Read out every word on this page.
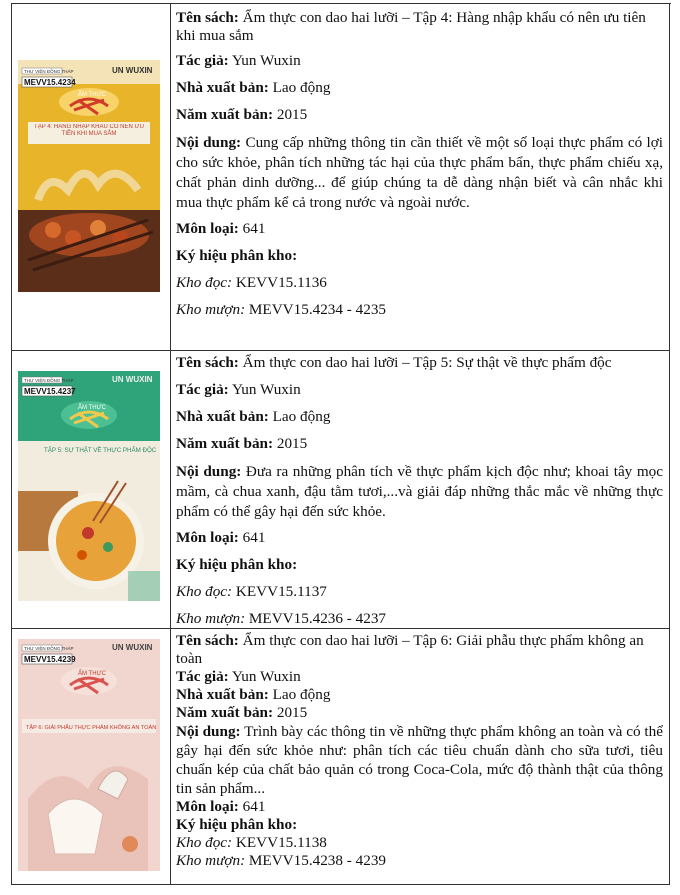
THƯ VIỆN ĐỒNG THÁP	UN WUXIN
MEVV15.4234
ẨM THỰC
TẬP 4: HÀNG NHẬP KHẨU CÓ NÊN ƯU TIÊN KHI MUA SẮM

Tên sách: Ẩm thực con dao hai lưỡi – Tập 4: Hàng nhập khẩu có nên ưu tiên khi mua sắm

Tác giả: Yun Wuxin

Nhà xuất bản: Lao động

Năm xuất bản: 2015

Nội dung: Cung cấp những thông tin cần thiết về một số loại thực phẩm có lợi cho sức khỏe, phân tích những tác hại của thực phẩm bẩn, thực phẩm chiếu xạ, chất phản dinh dưỡng... để giúp chúng ta dễ dàng nhận biết và cân nhắc khi mua thực phẩm kể cả trong nước và ngoài nước.

Môn loại: 641

Ký hiệu phân kho:

Kho đọc: KEVV15.1136

Kho mượn: MEVV15.4234 - 4235

THƯ VIỆN ĐỒNG THÁP	UN WUXIN
MEVV15.4237
ẨM THỰC
TẬP 5: SỰ THẬT VỀ THỰC PHẨM ĐỘC

Tên sách: Ẩm thực con dao hai lưỡi – Tập 5: Sự thật về thực phẩm độc

Tác giả: Yun Wuxin

Nhà xuất bản: Lao động

Năm xuất bản: 2015

Nội dung: Đưa ra những phân tích về thực phẩm kịch độc như; khoai tây mọc mầm, cà chua xanh, đậu tằm tươi,...và giải đáp những thắc mắc về những thực phẩm có thể gây hại đến sức khỏe.

Môn loại: 641

Ký hiệu phân kho:

Kho đọc: KEVV15.1137

Kho mượn: MEVV15.4236 - 4237

THƯ VIỆN ĐỒNG THÁP	UN WUXIN
MEVV15.4239
ẨM THỰC
TẬP 6: GIẢI PHẪU THỰC PHẨM KHÔNG AN TOÀN

Tên sách: Ẩm thực con dao hai lưỡi – Tập 6: Giải phẫu thực phẩm không an toàn

Tác giả: Yun Wuxin

Nhà xuất bản: Lao động

Năm xuất bản: 2015

Nội dung: Trình bày các thông tin về những thực phẩm không an toàn và có thể gây hại đến sức khỏe như: phân tích các tiêu chuẩn dành cho sữa tươi, tiêu chuẩn kép của chất bảo quản có trong Coca-Cola, mức độ thành thật của thông tin sản phẩm...

Môn loại: 641

Ký hiệu phân kho:

Kho đọc: KEVV15.1138

Kho mượn: MEVV15.4238 - 4239
